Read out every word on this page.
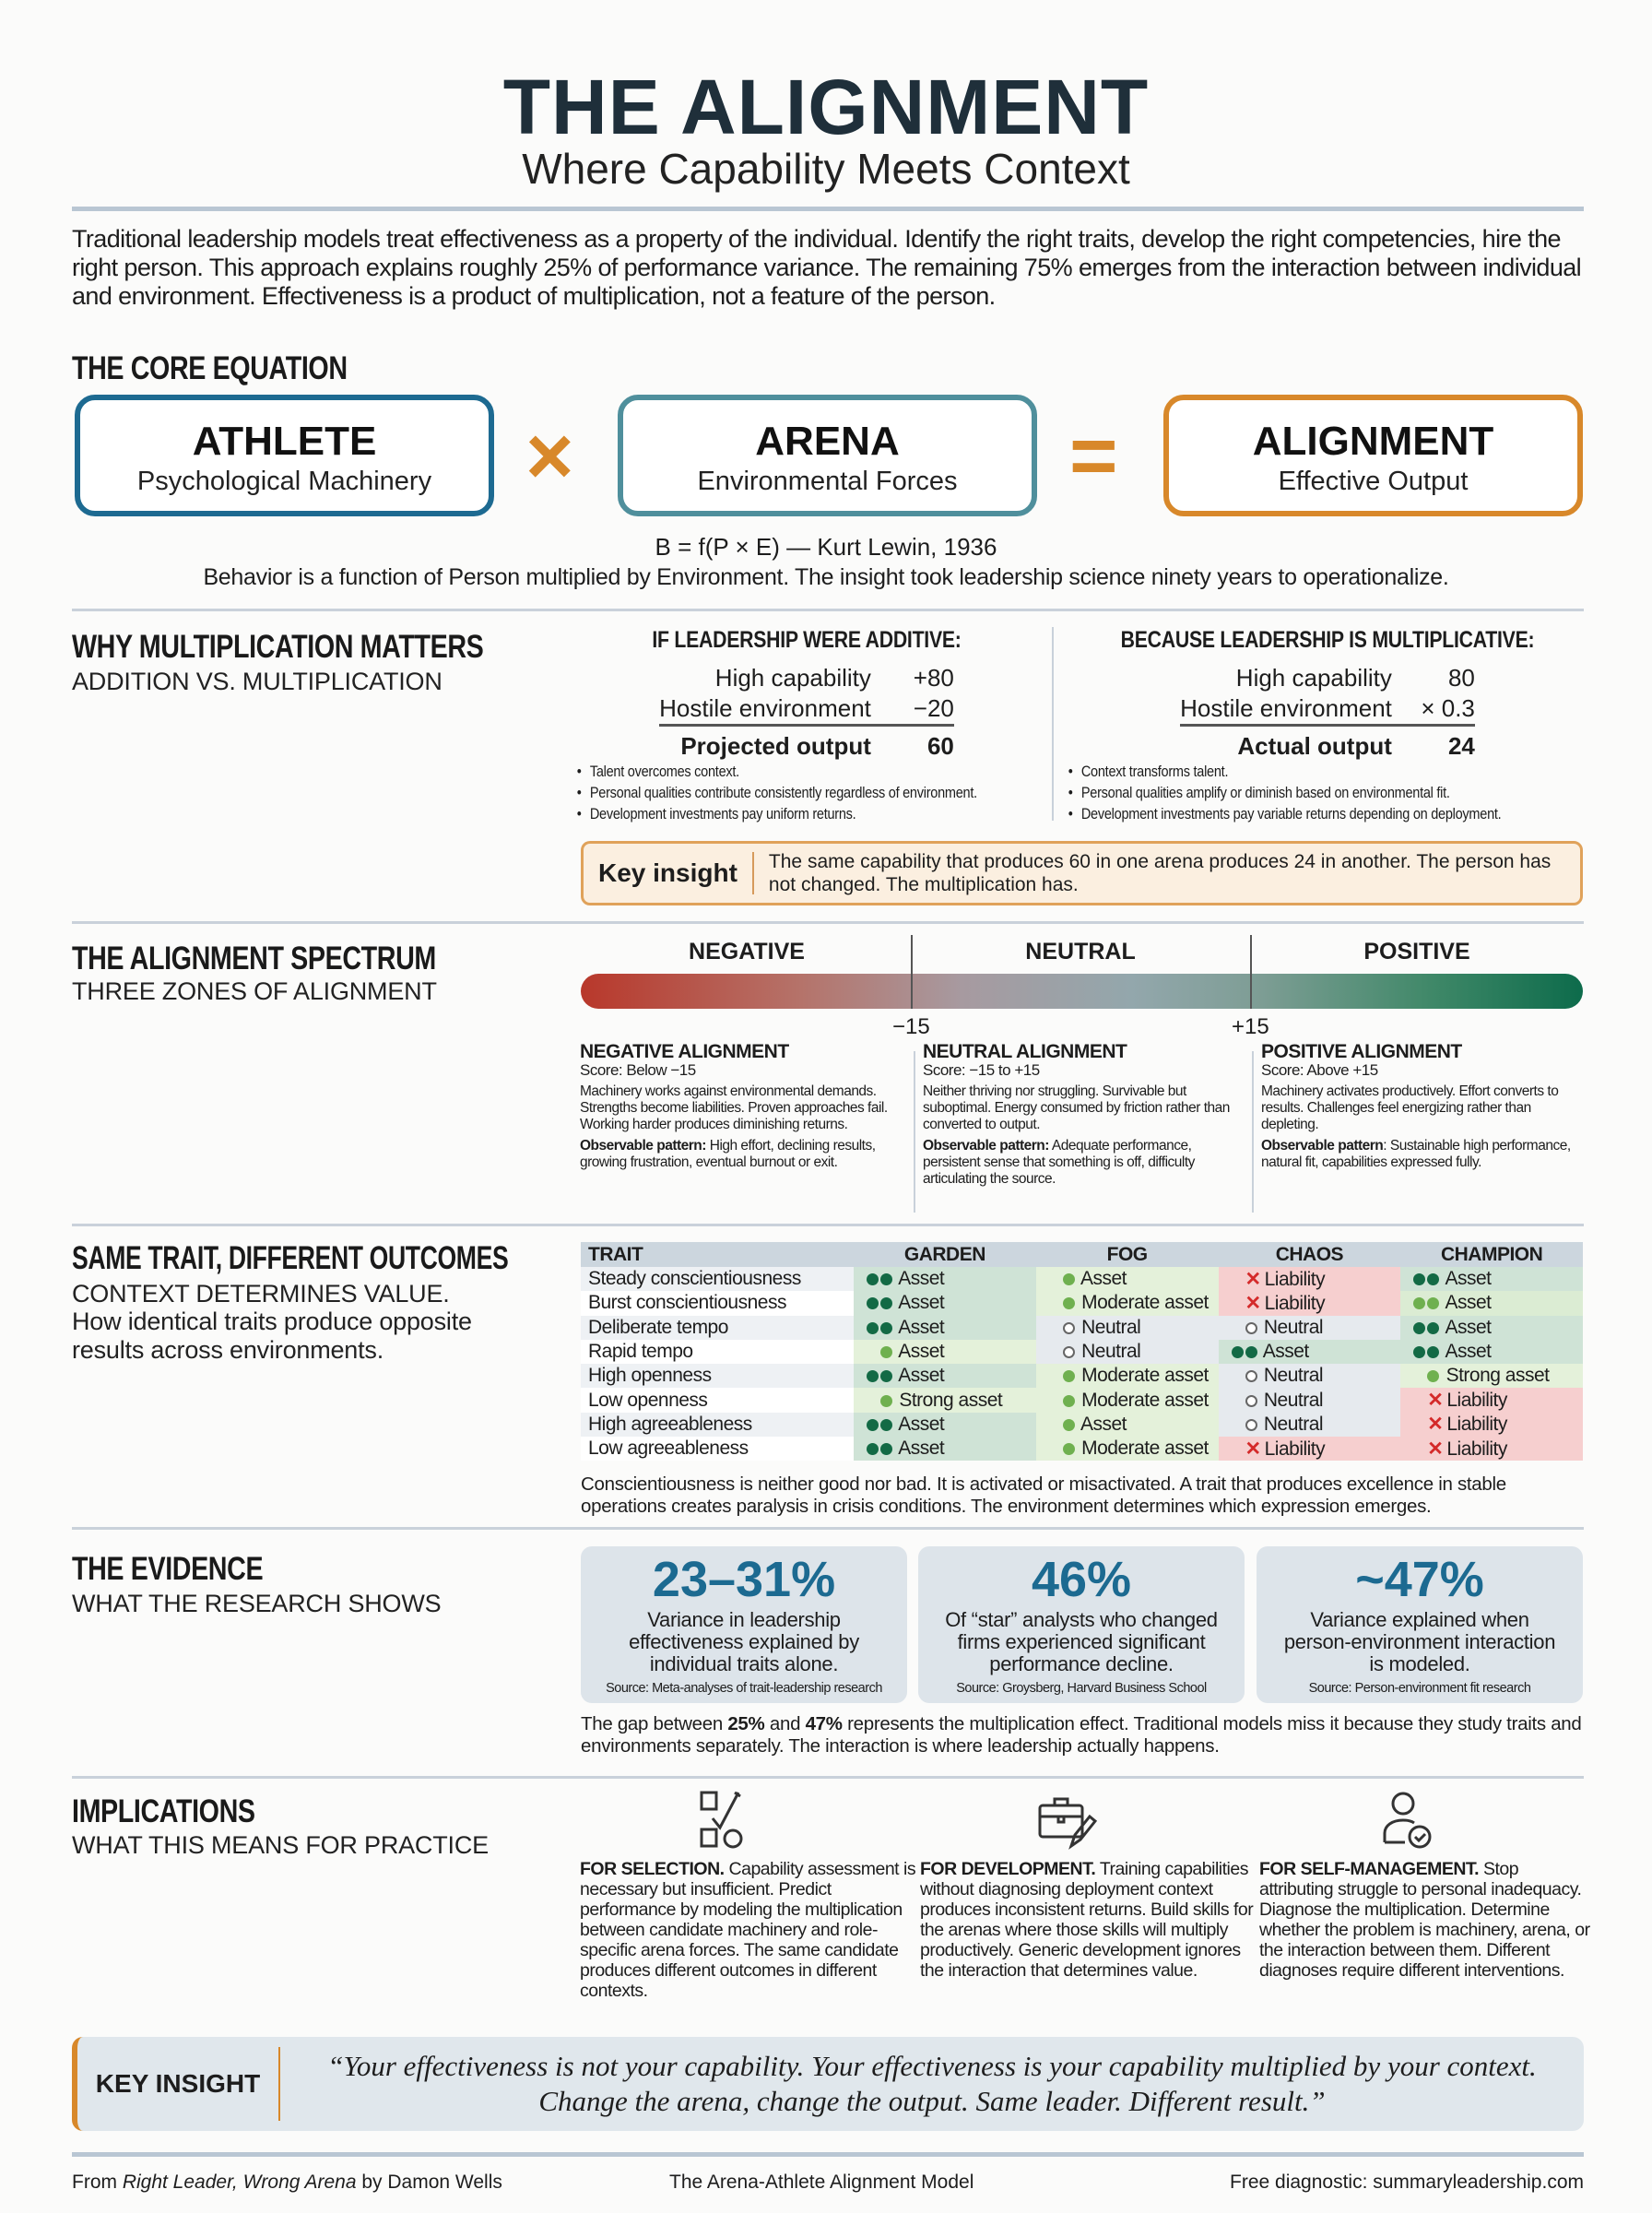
THE ALIGNMENT
Where Capability Meets Context
Traditional leadership models treat effectiveness as a property of the individual. Identify the right traits, develop the right competencies, hire the right person. This approach explains roughly 25% of performance variance. The remaining 75% emerges from the interaction between individual and environment. Effectiveness is a product of multiplication, not a feature of the person.
THE CORE EQUATION
ATHLETE
Psychological Machinery	×	ARENA
Environmental Forces	=	ALIGNMENT
Effective Output
B = f(P × E) — Kurt Lewin, 1936
Behavior is a function of Person multiplied by Environment. The insight took leadership science ninety years to operationalize.
WHY MULTIPLICATION MATTERS
ADDITION VS. MULTIPLICATION
IF LEADERSHIP WERE ADDITIVE:
High capability	+80
Hostile environment	−20
Projected output	60
BECAUSE LEADERSHIP IS MULTIPLICATIVE:
High capability	80
Hostile environment	× 0.3
Actual output	24
• Talent overcomes context.
• Personal qualities contribute consistently regardless of environment.
• Development investments pay uniform returns.
• Context transforms talent.
• Personal qualities amplify or diminish based on environmental fit.
• Development investments pay variable returns depending on deployment.
Key insight	The same capability that produces 60 in one arena produces 24 in another. The person has not changed. The multiplication has.
THE ALIGNMENT SPECTRUM
THREE ZONES OF ALIGNMENT
NEGATIVE	NEUTRAL	POSITIVE
−15	+15
NEGATIVE ALIGNMENT
Score: Below −15

Machinery works against environmental demands. Strengths become liabilities. Proven approaches fail. Working harder produces diminishing returns.

Observable pattern: High effort, declining results, growing frustration, eventual burnout or exit.

NEUTRAL ALIGNMENT
Score: −15 to +15

Neither thriving nor struggling. Survivable but suboptimal. Energy consumed by friction rather than converted to output.

Observable pattern: Adequate performance, persistent sense that something is off, difficulty articulating the source.

POSITIVE ALIGNMENT
Score: Above +15

Machinery activates productively. Effort converts to results. Challenges feel energizing rather than depleting.

Observable pattern: Sustainable high performance, natural fit, capabilities expressed fully.

SAME TRAIT, DIFFERENT OUTCOMES
CONTEXT DETERMINES VALUE.
How identical traits produce opposite results across environments.
TRAIT	GARDEN	FOG	CHAOS	CHAMPION
Steady conscientiousness	Asset	Asset	✕ Liability	Asset
Burst conscientiousness	Asset	Moderate asset	✕ Liability	Asset
Deliberate tempo	Asset	Neutral	Neutral	Asset
Rapid tempo	Asset	Neutral	Asset	Asset
High openness	Asset	Moderate asset	Neutral	Strong asset
Low openness	Strong asset	Moderate asset	Neutral	✕ Liability
High agreeableness	Asset	Asset	Neutral	✕ Liability
Low agreeableness	Asset	Moderate asset	✕ Liability	✕ Liability
Conscientiousness is neither good nor bad. It is activated or misactivated. A trait that produces excellence in stable operations creates paralysis in crisis conditions. The environment determines which expression emerges.
THE EVIDENCE
WHAT THE RESEARCH SHOWS	23–31%
Variance in leadership effectiveness explained by individual traits alone.
Source: Meta-analyses of trait-leadership research
46%
Of “star” analysts who changed firms experienced significant performance decline.
Source: Groysberg, Harvard Business School
~47%
Variance explained when person-environment interaction is modeled.
Source: Person-environment fit research
The gap between 25% and 47% represents the multiplication effect. Traditional models miss it because they study traits and environments separately. The interaction is where leadership actually happens.
IMPLICATIONS
WHAT THIS MEANS FOR PRACTICE
FOR SELECTION. Capability assessment is necessary but insufficient. Predict performance by modeling the multiplication between candidate machinery and role-specific arena forces. The same candidate produces different outcomes in different contexts.
FOR DEVELOPMENT. Training capabilities without diagnosing deployment context produces inconsistent returns. Build skills for the arenas where those skills will multiply productively. Generic development ignores the interaction that determines value.
FOR SELF-MANAGEMENT. Stop attributing struggle to personal inadequacy. Diagnose the multiplication. Determine whether the problem is machinery, arena, or the interaction between them. Different diagnoses require different interventions.
KEY INSIGHT
“Your effectiveness is not your capability. Your effectiveness is your capability multiplied by your context. Change the arena, change the output. Same leader. Different result.”
From Right Leader, Wrong Arena by Damon Wells	The Arena-Athlete Alignment Model	Free diagnostic: summaryleadership.com
